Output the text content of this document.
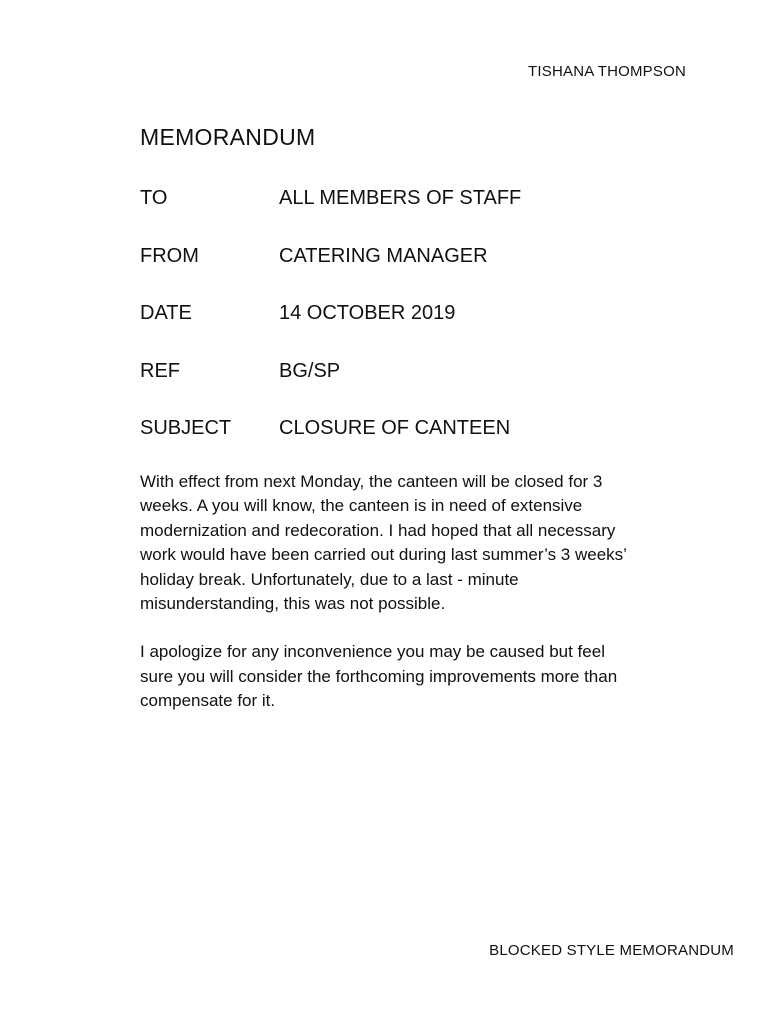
TISHANA THOMPSON
MEMORANDUM
TO	ALL MEMBERS OF STAFF
FROM	CATERING MANAGER
DATE	14 OCTOBER 2019
REF	BG/SP
SUBJECT CLOSURE OF CANTEEN

With effect from next Monday, the canteen will be closed for 3 weeks. A you will know, the canteen is in need of extensive modernization and redecoration. I had hoped that all necessary work would have been carried out during last summer’s 3 weeks’ holiday break. Unfortunately, due to a last - minute misunderstanding, this was not possible.

I apologize for any inconvenience you may be caused but feel sure you will consider the forthcoming improvements more than compensate for it.

BLOCKED STYLE MEMORANDUM
